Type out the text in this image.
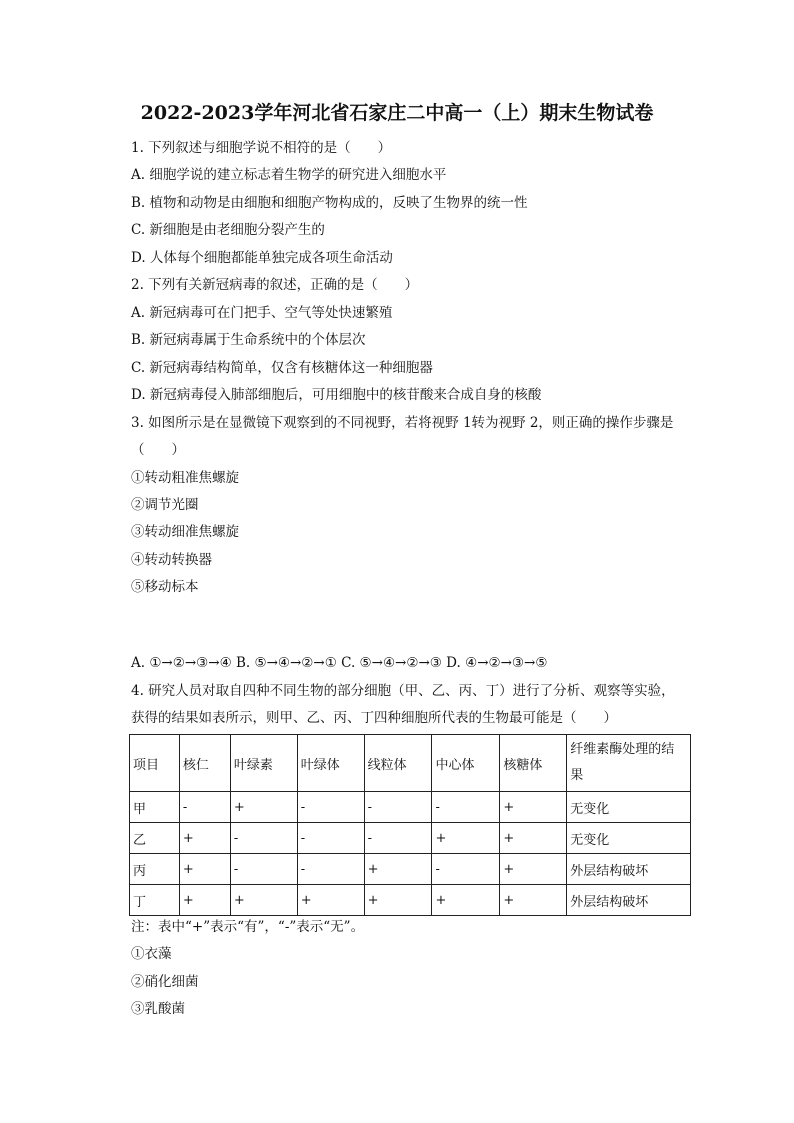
2022-2023学年河北省石家庄二中高一（上）期末生物试卷
1. 下列叙述与细胞学说不相符的是（　　）
A. 细胞学说的建立标志着生物学的研究进入细胞水平
B. 植物和动物是由细胞和细胞产物构成的，反映了生物界的统一性
C. 新细胞是由老细胞分裂产生的
D. 人体每个细胞都能单独完成各项生命活动
2. 下列有关新冠病毒的叙述，正确的是（　　）
A. 新冠病毒可在门把手、空气等处快速繁殖
B. 新冠病毒属于生命系统中的个体层次
C. 新冠病毒结构简单，仅含有核糖体这一种细胞器
D. 新冠病毒侵入肺部细胞后，可用细胞中的核苷酸来合成自身的核酸
3. 如图所示是在显微镜下观察到的不同视野，若将视野 1转为视野 2，则正确的操作步骤是
（　　）
①转动粗准焦螺旋
②调节光圈
③转动细准焦螺旋
④转动转换器
⑤移动标本
A. ①→②→③→④ B. ⑤→④→②→① C. ⑤→④→②→③ D. ④→②→③→⑤
4. 研究人员对取自四种不同生物的部分细胞（甲、乙、丙、丁）进行了分析、观察等实验，
获得的结果如表所示，则甲、乙、丙、丁四种细胞所代表的生物最可能是（　　）
项目	核仁	叶绿素	叶绿体	线粒体	中心体	核糖体	纤维素酶处理的结果
甲	-	+	-	-	-	+	无变化
乙	+	-	-	-	+	+	无变化
丙	+	-	-	+	-	+	外层结构破坏
丁	+	+	+	+	+	+	外层结构破坏
注：表中“+”表示“有”，“-”表示“无”。
①衣藻
②硝化细菌
③乳酸菌
